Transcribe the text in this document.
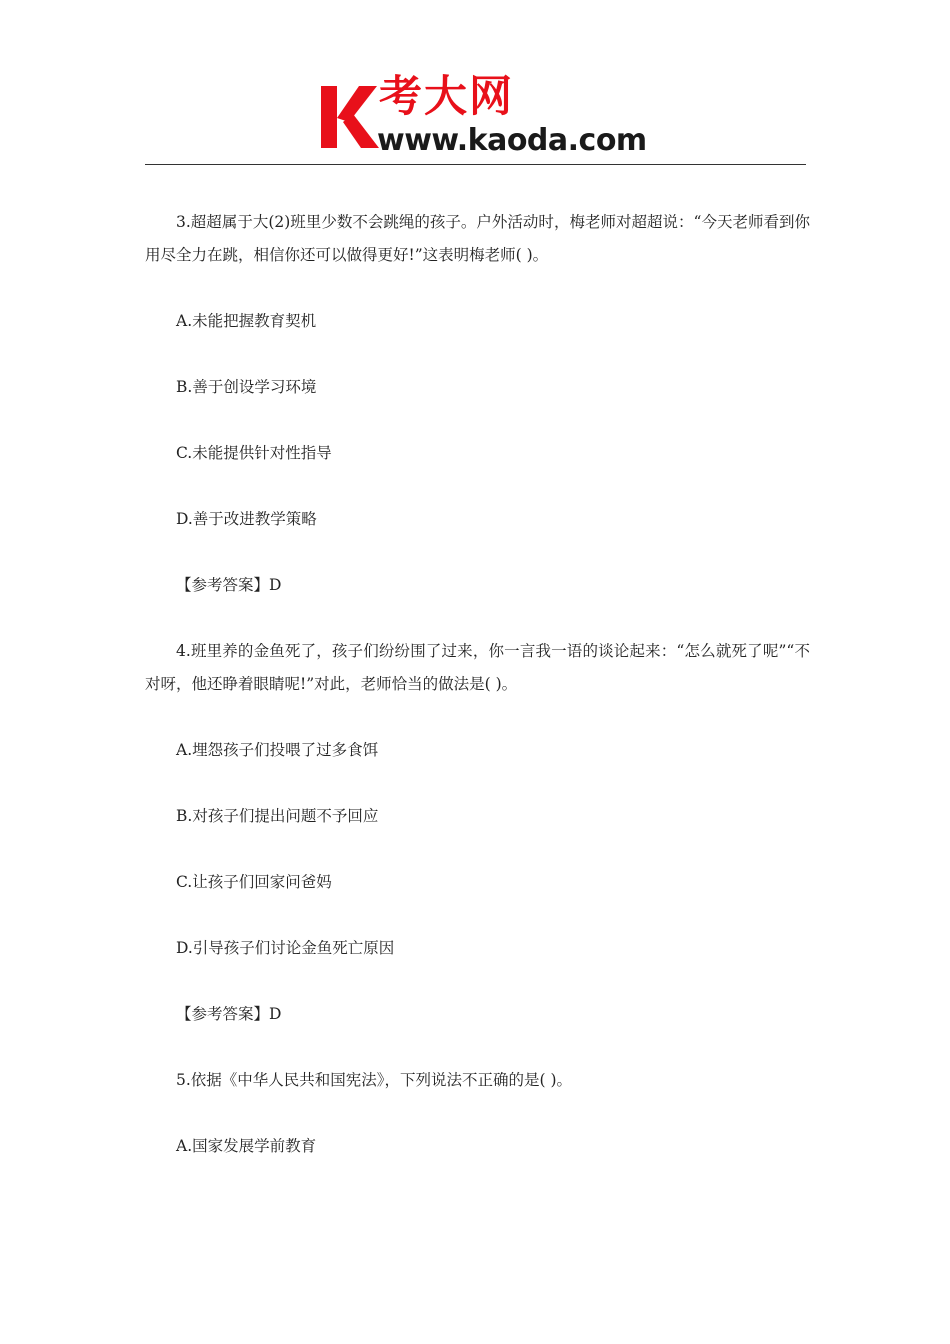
考大网
www.kaoda.com

3.超超属于大(2)班里少数不会跳绳的孩子。户外活动时，梅老师对超超说：“今天老师看到你用尽全力在跳，相信你还可以做得更好!”这表明梅老师( )。

A.未能把握教育契机

B.善于创设学习环境

C.未能提供针对性指导

D.善于改进教学策略

【参考答案】D

4.班里养的金鱼死了，孩子们纷纷围了过来，你一言我一语的谈论起来：“怎么就死了呢”“不对呀，他还睁着眼睛呢!”对此，老师恰当的做法是( )。

A.埋怨孩子们投喂了过多食饵

B.对孩子们提出问题不予回应

C.让孩子们回家问爸妈

D.引导孩子们讨论金鱼死亡原因

【参考答案】D

5.依据《中华人民共和国宪法》，下列说法不正确的是( )。

A.国家发展学前教育
